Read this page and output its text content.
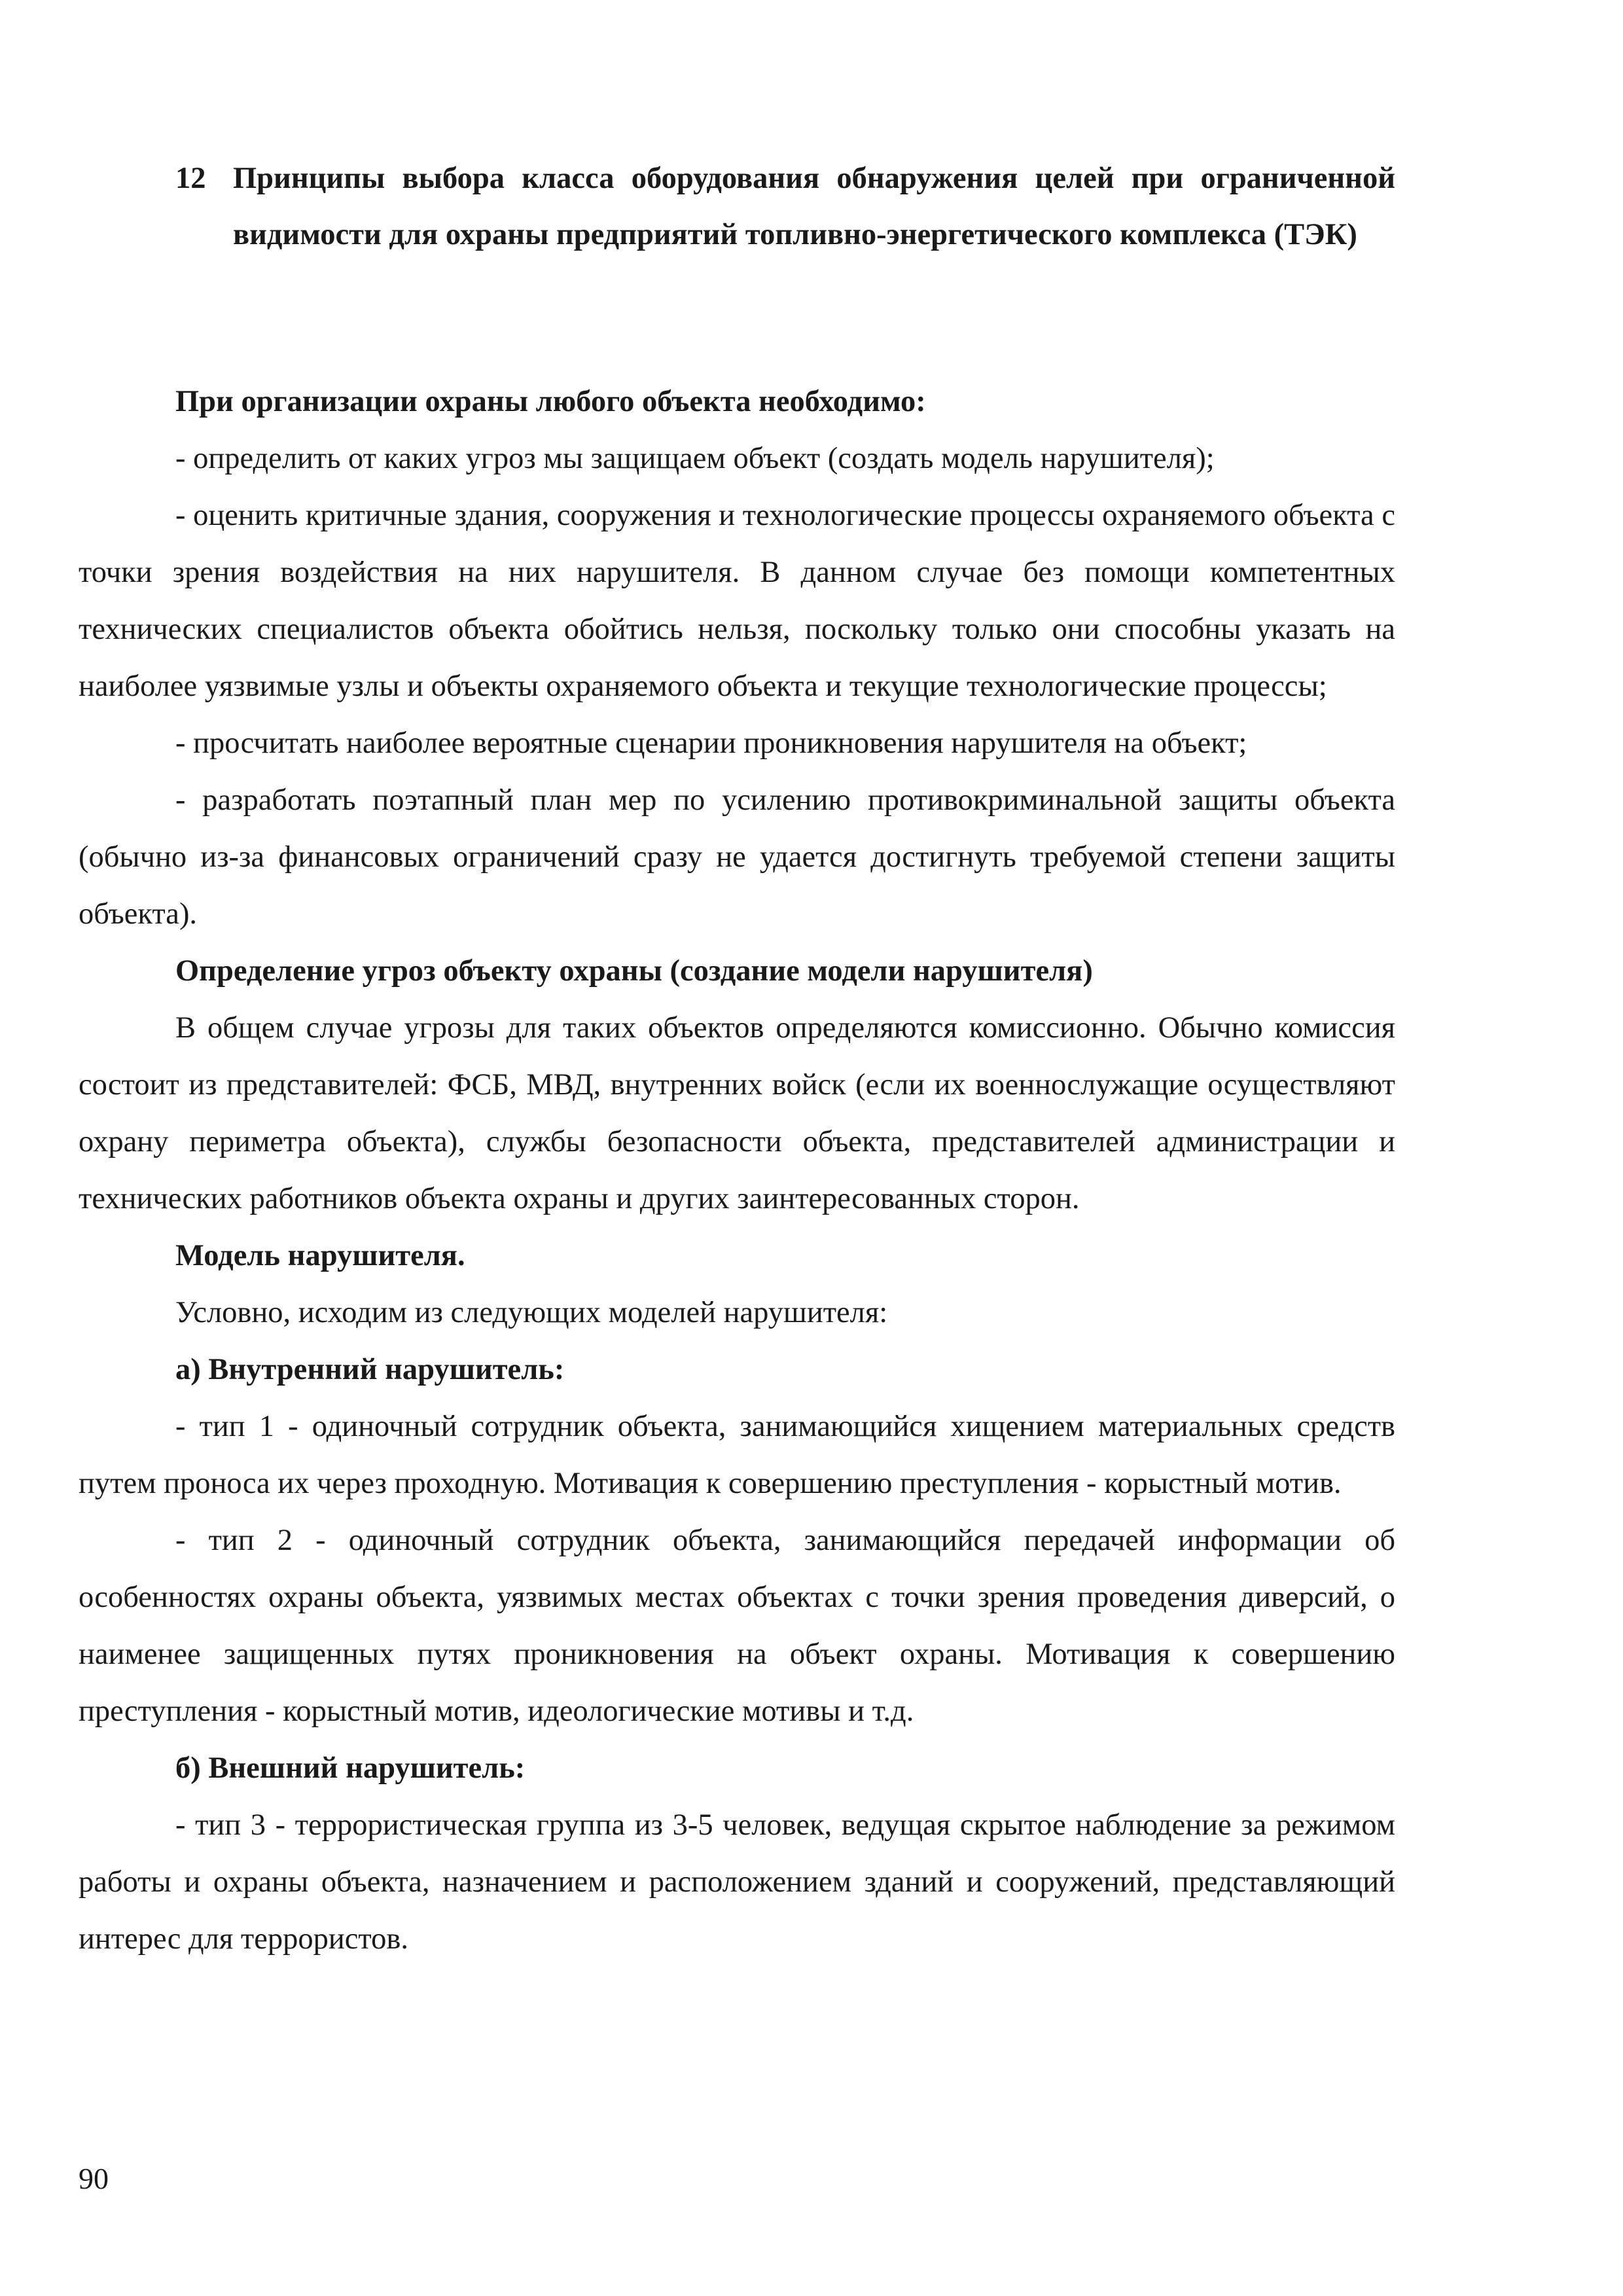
12 Принципы выбора класса оборудования обнаружения целей при ограниченной видимости для охраны предприятий топливно-энергетического комплекса (ТЭК)

При организации охраны любого объекта необходимо:

- определить от каких угроз мы защищаем объект (создать модель нарушителя);

- оценить критичные здания, сооружения и технологические процессы охраняемого объекта с точки зрения воздействия на них нарушителя. В данном случае без помощи компетентных технических специалистов объекта обойтись нельзя, поскольку только они способны указать на наиболее уязвимые узлы и объекты охраняемого объекта и текущие технологические процессы;

- просчитать наиболее вероятные сценарии проникновения нарушителя на объект;

- разработать поэтапный план мер по усилению противокриминальной защиты объекта (обычно из-за финансовых ограничений сразу не удается достигнуть требуемой степени защиты объекта).

Определение угроз объекту охраны (создание модели нарушителя)

В общем случае угрозы для таких объектов определяются комиссионно. Обычно комиссия состоит из представителей: ФСБ, МВД, внутренних войск (если их военнослужащие осуществляют охрану периметра объекта), службы безопасности объекта, представителей администрации и технических работников объекта охраны и других заинтересованных сторон.

Модель нарушителя.

Условно, исходим из следующих моделей нарушителя:

а) Внутренний нарушитель:

- тип 1 - одиночный сотрудник объекта, занимающийся хищением материальных средств путем проноса их через проходную. Мотивация к совершению преступления - корыстный мотив.

- тип 2 - одиночный сотрудник объекта, занимающийся передачей информации об особенностях охраны объекта, уязвимых местах объектах с точки зрения проведения диверсий, о наименее защищенных путях проникновения на объект охраны. Мотивация к совершению преступления - корыстный мотив, идеологические мотивы и т.д.

б) Внешний нарушитель:

- тип 3 - террористическая группа из 3-5 человек, ведущая скрытое наблюдение за режимом работы и охраны объекта, назначением и расположением зданий и сооружений, представляющий интерес для террористов.

90
